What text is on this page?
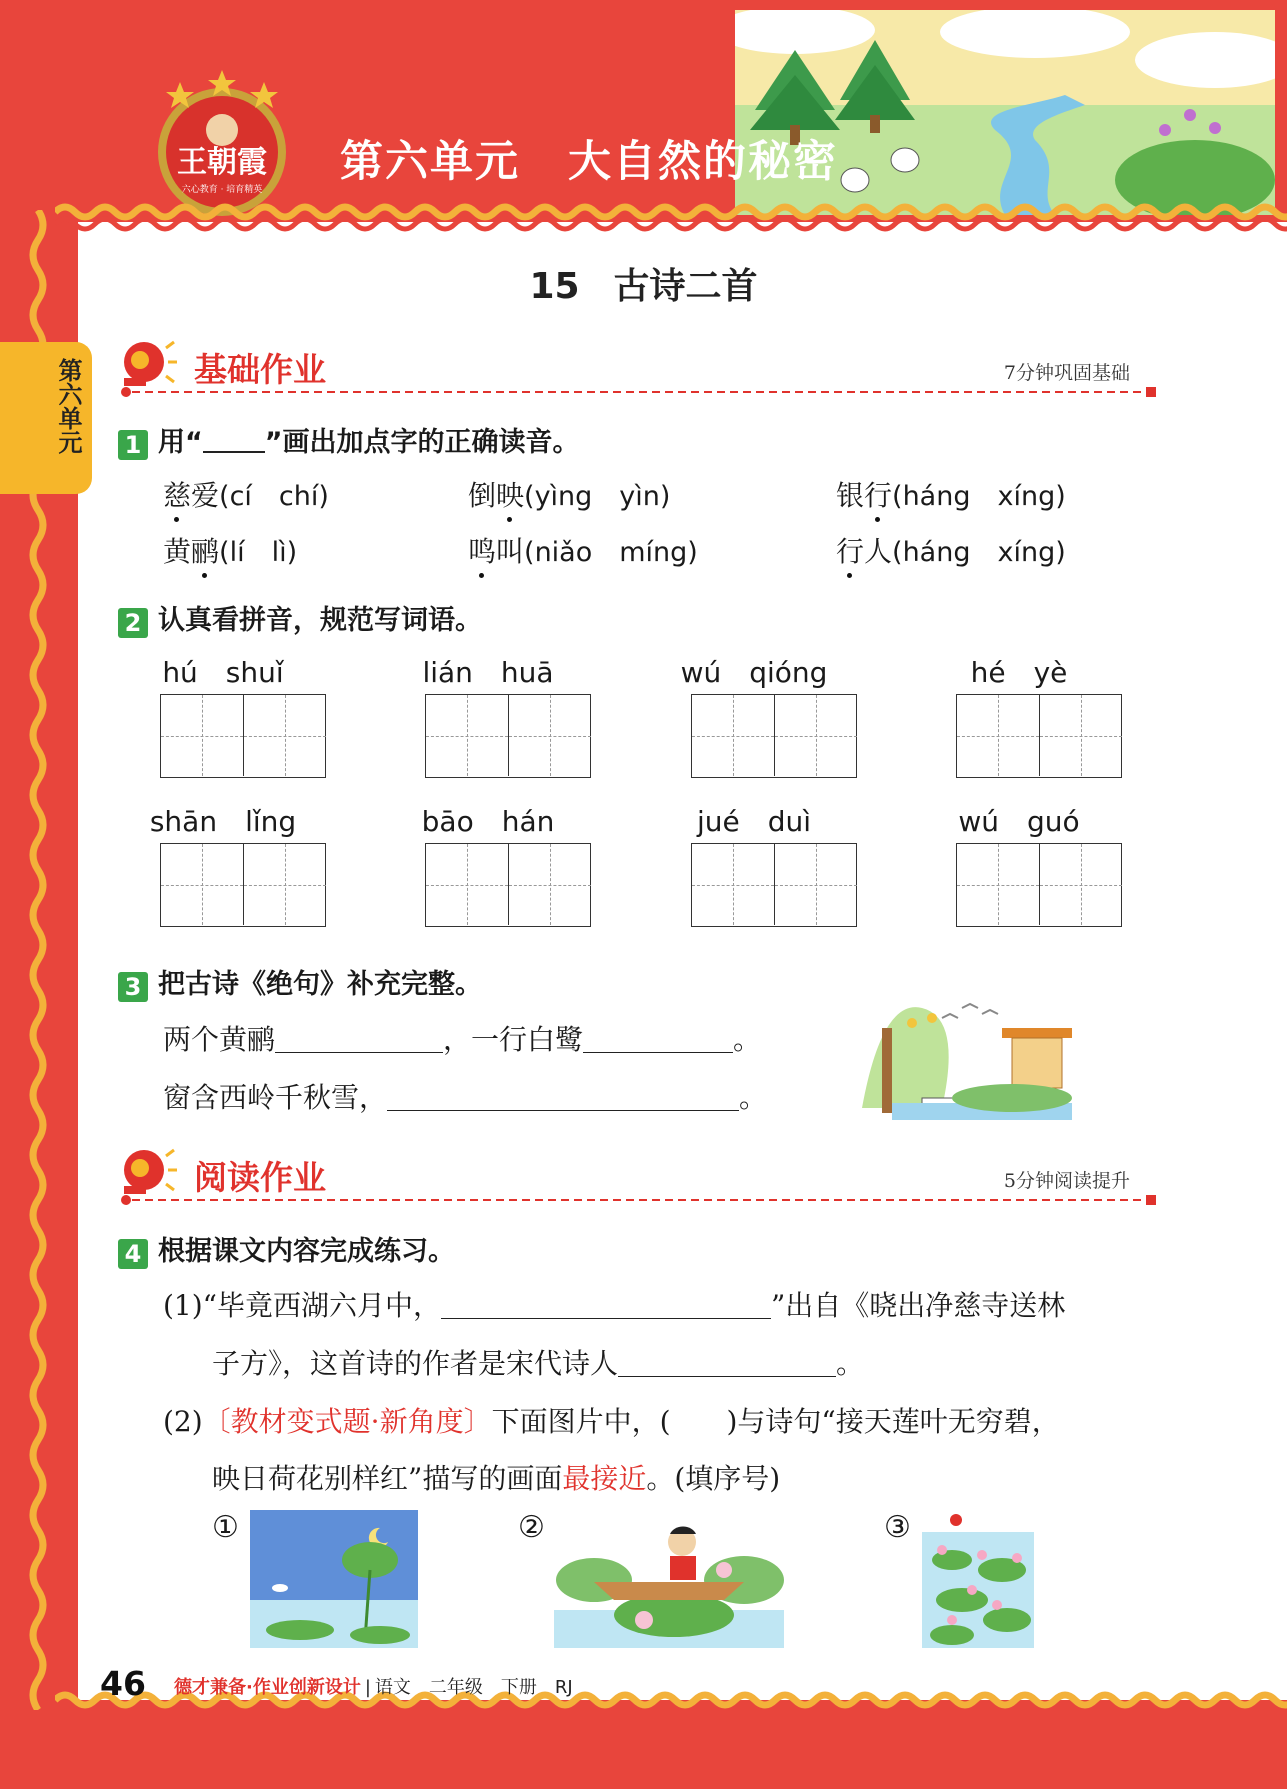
王朝霞
六心教育 · 培育精英
第六单元 大自然的秘密
第六单元
15 古诗二首
基础作业	7分钟巩固基础
1 用“ ”画出加点字的正确读音。
慈爱(cí　chí)	倒映(yìng　yìn)	银行(háng　xíng)
黄鹂(lí　lì)	鸣叫(niǎo　míng)	行人(háng　xíng)
2 认真看拼音，规范写词语。
hú　shuǐ	lián　huā	wú　qióng	hé　yè
shān　lǐng	bāo　hán	jué　duì	wú　guó
3 把古诗《绝句》补充完整。
两个黄鹂	，一行白鹭	。
窗含西岭千秋雪，	。
阅读作业	5分钟阅读提升
4 根据课文内容完成练习。
(1)“毕竟西湖六月中，	”出自《晓出净慈寺送林
子方》，这首诗的作者是宋代诗人	。
(2)〔教材变式题·新角度〕下面图片中，(　　)与诗句“接天莲叶无穷碧，
映日荷花别样红”描写的画面最接近。(填序号)
①	②	③
46 德才兼备·作业创新设计 | 语文　二年级　下册　RJ
